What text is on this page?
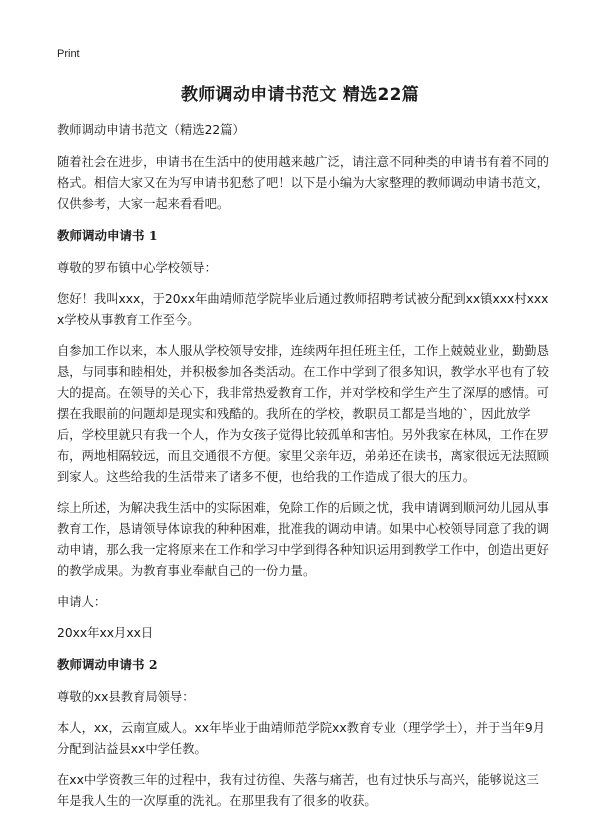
Print
教师调动申请书范文 精选22篇

教师调动申请书范文（精选22篇）

随着社会在进步，申请书在生活中的使用越来越广泛，请注意不同种类的申请书有着不同的格式。相信大家又在为写申请书犯愁了吧！以下是小编为大家整理的教师调动申请书范文，仅供参考，大家一起来看看吧。

教师调动申请书 1

尊敬的罗布镇中心学校领导：

您好！我叫xxx，于20xx年曲靖师范学院毕业后通过教师招聘考试被分配到xx镇xxx村xxxx学校从事教育工作至今。

自参加工作以来，本人服从学校领导安排，连续两年担任班主任，工作上兢兢业业，勤勤恳恳，与同事和睦相处，并积极参加各类活动。在工作中学到了很多知识，教学水平也有了较大的提高。在领导的关心下，我非常热爱教育工作，并对学校和学生产生了深厚的感情。可摆在我眼前的问题却是现实和残酷的。我所在的学校，教职员工都是当地的`，因此放学后，学校里就只有我一个人，作为女孩子觉得比较孤单和害怕。另外我家在林凤，工作在罗布，两地相隔较远，而且交通很不方便。家里父亲年迈，弟弟还在读书，离家很远无法照顾到家人。这些给我的生活带来了诸多不便，也给我的工作造成了很大的压力。

综上所述，为解决我生活中的实际困难，免除工作的后顾之忧，我申请调到顺河幼儿园从事教育工作，恳请领导体谅我的种种困难，批准我的调动申请。如果中心校领导同意了我的调动申请，那么我一定将原来在工作和学习中学到得各种知识运用到教学工作中，创造出更好的教学成果。为教育事业奉献自己的一份力量。

申请人：

20xx年xx月xx日

教师调动申请书 2

尊敬的xx县教育局领导：

本人，xx，云南宣威人。xx年毕业于曲靖师范学院xx教育专业（理学学士），并于当年9月分配到沾益县xx中学任教。

在xx中学资教三年的过程中，我有过彷徨、失落与痛苦，也有过快乐与高兴，能够说这三年是我人生的一次厚重的洗礼。在那里我有了很多的收获。
